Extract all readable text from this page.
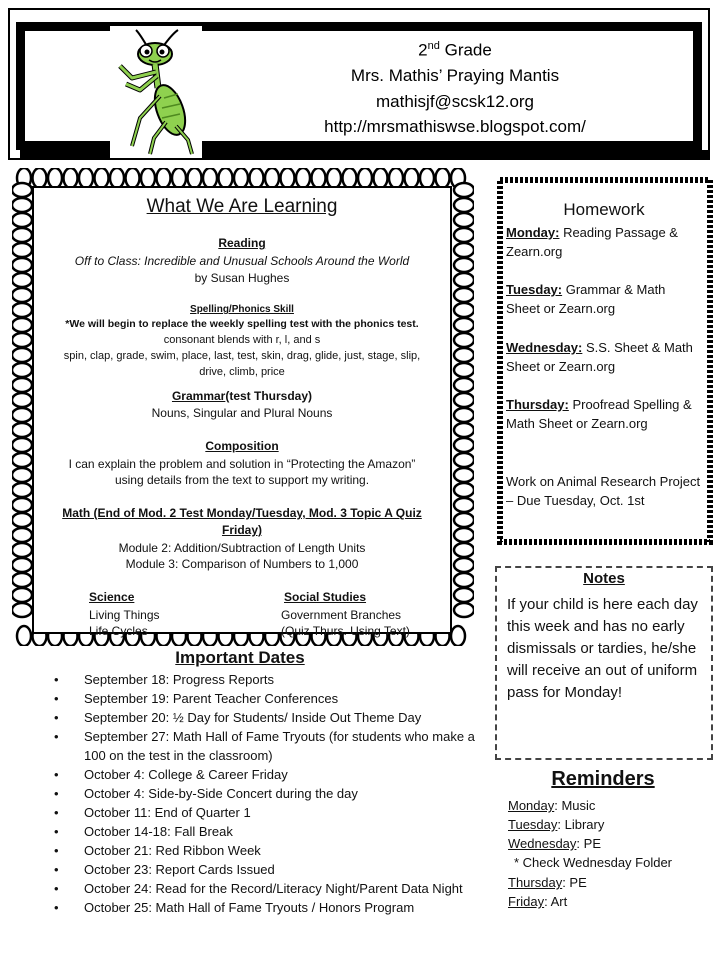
2nd Grade
Mrs. Mathis’ Praying Mantis
mathisjf@scsk12.org
http://mrsmathiswse.blogspot.com/
What We Are Learning
Reading
Off to Class: Incredible and Unusual Schools Around the World
by Susan Hughes
Spelling/Phonics Skill
*We will begin to replace the weekly spelling test with the phonics test.
consonant blends with r, l, and s
spin, clap, grade, swim, place, last, test, skin, drag, glide, just, stage, slip,
drive, climb, price
Grammar(test Thursday)
Nouns, Singular and Plural Nouns
Composition
I can explain the problem and solution in “Protecting the Amazon”
using details from the text to support my writing.
Math (End of Mod. 2 Test Monday/Tuesday, Mod. 3 Topic A Quiz
Friday)
Module 2: Addition/Subtraction of Length Units
Module 3: Comparison of Numbers to 1,000
Science
Living Things
Life Cycles
Social Studies
Government Branches
(Quiz Thurs. Using Text)
Homework
Monday: Reading Passage & Zearn.org
Tuesday: Grammar & Math Sheet or Zearn.org
Wednesday: S.S. Sheet & Math Sheet or Zearn.org
Thursday: Proofread Spelling & Math Sheet or Zearn.org
Work on Animal Research Project – Due Tuesday, Oct. 1st
Notes
If your child is here each day this week and has no early dismissals or tardies, he/she will receive an out of uniform pass for Monday!
Reminders
Monday: Music
Tuesday: Library
Wednesday: PE
* Check Wednesday Folder
Thursday: PE
Friday: Art
Important Dates
• September 18: Progress Reports
• September 19: Parent Teacher Conferences
• September 20: ½ Day for Students/ Inside Out Theme Day
• September 27: Math Hall of Fame Tryouts (for students who make a 100 on the test in the classroom)
• October 4: College & Career Friday
• October 4: Side-by-Side Concert during the day
• October 11: End of Quarter 1
• October 14-18: Fall Break
• October 21: Red Ribbon Week
• October 23: Report Cards Issued
• October 24: Read for the Record/Literacy Night/Parent Data Night
• October 25: Math Hall of Fame Tryouts / Honors Program
